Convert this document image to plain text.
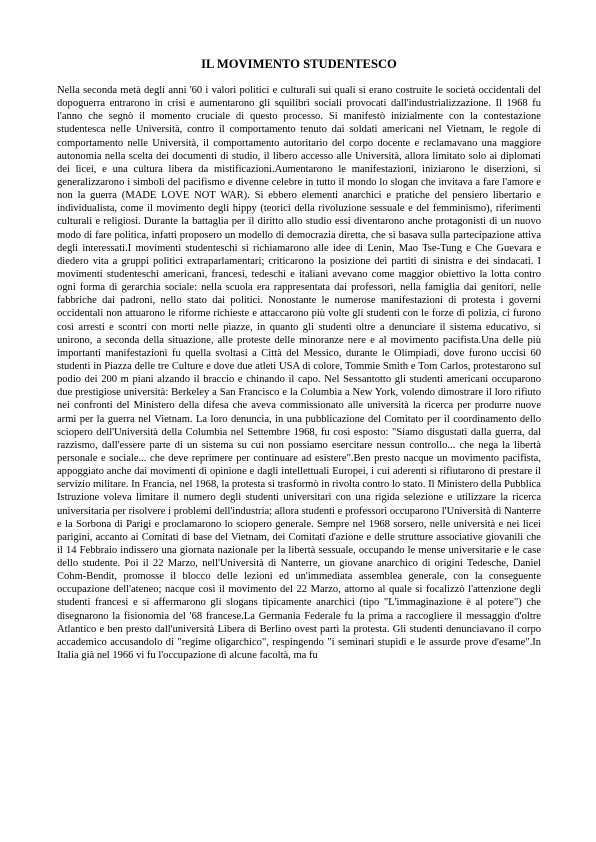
IL MOVIMENTO STUDENTESCO

Nella seconda metà degli anni '60 i valori politici e culturali sui quali si erano costruite le società occidentali del dopoguerra entrarono in crisi e aumentarono gli squilibri sociali provocati dall'industrializzazione. Il 1968 fu l'anno che segnò il momento cruciale di questo processo. Si manifestò inizialmente con la contestazione studentesca nelle Università, contro il comportamento tenuto dai soldati americani nel Vietnam, le regole di comportamento nelle Università, il comportamento autoritario del corpo docente e reclamavano una maggiore autonomia nella scelta dei documenti di studio, il libero accesso alle Università, allora limitato solo ai diplomati dei licei, e una cultura libera da mistificazioni.Aumentarono le manifestazioni, iniziarono le diserzioni, si generalizzarono i simboli del pacifismo e divenne celebre in tutto il mondo lo slogan che invitava a fare l'amore e non la guerra (MADE LOVE NOT WAR). Si ebbero elementi anarchici e pratiche del pensiero libertario e individualista, come il movimento degli hippy (teorici della rivoluzione sessuale e del femminismo), riferimenti culturali e religiosi. Durante la battaglia per il diritto allo studio essi diventarono anche protagonisti di un nuovo modo di fare politica, infatti proposero un modello di democrazia diretta, che si basava sulla partecipazione attiva degli interessati.I movimenti studenteschi si richiamarono alle idee di Lenin, Mao Tse-Tung e Che Guevara e diedero vita a gruppi politici extraparlamentari; criticarono la posizione dei partiti di sinistra e dei sindacati. I movimenti studenteschi americani, francesi, tedeschi e italiani avevano come maggior obiettivo la lotta contro ogni forma di gerarchia sociale: nella scuola era rappresentata dai professori, nella famiglia dai genitori, nelle fabbriche dai padroni, nello stato dai politici. Nonostante le numerose manifestazioni di protesta i governi occidentali non attuarono le riforme richieste e attaccarono più volte gli studenti con le forze di polizia, ci furono così arresti e scontri con morti nelle piazze, in quanto gli studenti oltre a denunciare il sistema educativo, si unirono, a seconda della situazione, alle proteste delle minoranze nere e al movimento pacifista.Una delle più importanti manifestazioni fu quella svoltasi a Città del Messico, durante le Olimpiadi, dove furono uccisi 60 studenti in Piazza delle tre Culture e dove due atleti USA di colore, Tommie Smith e Tom Carlos, protestarono sul podio dei 200 m piani alzando il braccio e chinando il capo. Nel Sessantotto gli studenti americani occuparono due prestigiose università: Berkeley a San Francisco e la Columbia a New York, volendo dimostrare il loro rifiuto nei confronti del Ministero della difesa che aveva commissionato alle università la ricerca per produrre nuove armi per la guerra nel Vietnam. La loro denuncia, in una pubblicazione del Comitato per il coordinamento dello sciopero dell'Università della Columbia nel Settembre 1968, fu così esposto: "Siamo disgustati dalla guerra, dal razzismo, dall'essere parte di un sistema su cui non possiamo esercitare nessun controllo... che nega la libertà personale e sociale... che deve reprimere per continuare ad esistere".Ben presto nacque un movimento pacifista, appoggiato anche dai movimenti di opinione e dagli intellettuali Europei, i cui aderenti si rifiutarono di prestare il servizio militare. In Francia, nel 1968, la protesta si trasformò in rivolta contro lo stato. Il Ministero della Pubblica Istruzione voleva limitare il numero degli studenti universitari con una rigida selezione e utilizzare la ricerca universitaria per risolvere i problemi dell'industria; allora studenti e professori occuparono l'Università di Nanterre e la Sorbona di Parigi e proclamarono lo sciopero generale. Sempre nel 1968 sorsero, nelle università e nei licei parigini, accanto ai Comitati di base del Vietnam, dei Comitati d'azione e delle strutture associative giovanili che il 14 Febbraio indissero una giornata nazionale per la libertà sessuale, occupando le mense universitarie e le case dello studente. Poi il 22 Marzo, nell'Università di Nanterre, un giovane anarchico di origini Tedesche, Daniel Cohm-Bendit, promosse il blocco delle lezioni ed un'immediata assemblea generale, con la conseguente occupazione dell'ateneo; nacque così il movimento del 22 Marzo, attorno al quale si focalizzò l'attenzione degli studenti francesi e si affermarono gli slogans tipicamente anarchici (tipo "L'immaginazione è al potere") che disegnarono la fisionomia del '68 francese.La Germania Federale fu la prima a raccogliere il messaggio d'oltre Atlantico e ben presto dall'università Libera di Berlino ovest partì la protesta. Gli studenti denunciavano il corpo accademico accusandolo di "regime oligarchico", respingendo "i seminari stupidi e le assurde prove d'esame".In Italia già nel 1966 vi fu l'occupazione di alcune facoltà, ma fu
